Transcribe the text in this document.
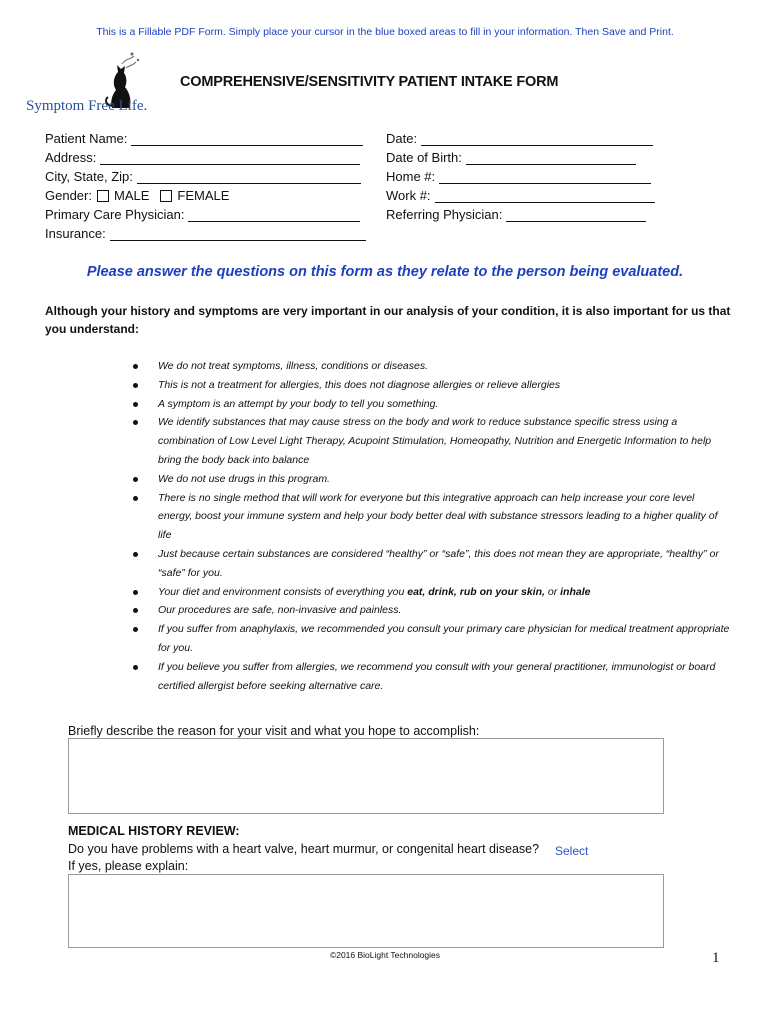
This is a Fillable PDF Form. Simply place your cursor in the blue boxed areas to fill in your information. Then Save and Print.
Symptom Free Life.
COMPREHENSIVE/SENSITIVITY PATIENT INTAKE FORM
Patient Name:
Address:
City, State, Zip:
Gender: MALE FEMALE
Primary Care Physician:
Insurance:
Date:
Date of Birth:
Home #:
Work #:
Referring Physician:
Please answer the questions on this form as they relate to the person being evaluated.
Although your history and symptoms are very important in our analysis of your condition, it is also important for us that you understand:
We do not treat symptoms, illness, conditions or diseases.
This is not a treatment for allergies, this does not diagnose allergies or relieve allergies
A symptom is an attempt by your body to tell you something.
We identify substances that may cause stress on the body and work to reduce substance specific stress using a combination of Low Level Light Therapy, Acupoint Stimulation, Homeopathy, Nutrition and Energetic Information to help bring the body back into balance
We do not use drugs in this program.
There is no single method that will work for everyone but this integrative approach can help increase your core level energy, boost your immune system and help your body better deal with substance stressors leading to a higher quality of life
Just because certain substances are considered “healthy” or “safe”, this does not mean they are appropriate, “healthy” or “safe” for you.
Your diet and environment consists of everything you eat, drink, rub on your skin, or inhale
Our procedures are safe, non-invasive and painless.
If you suffer from anaphylaxis, we recommended you consult your primary care physician for medical treatment appropriate for you.
If you believe you suffer from allergies, we recommend you consult with your general practitioner, immunologist or board certified allergist before seeking alternative care.
Briefly describe the reason for your visit and what you hope to accomplish:
MEDICAL HISTORY REVIEW:
Do you have problems with a heart valve, heart murmur, or congenital heart disease? Select
If yes, please explain:
©2016 BioLight Technologies	1
